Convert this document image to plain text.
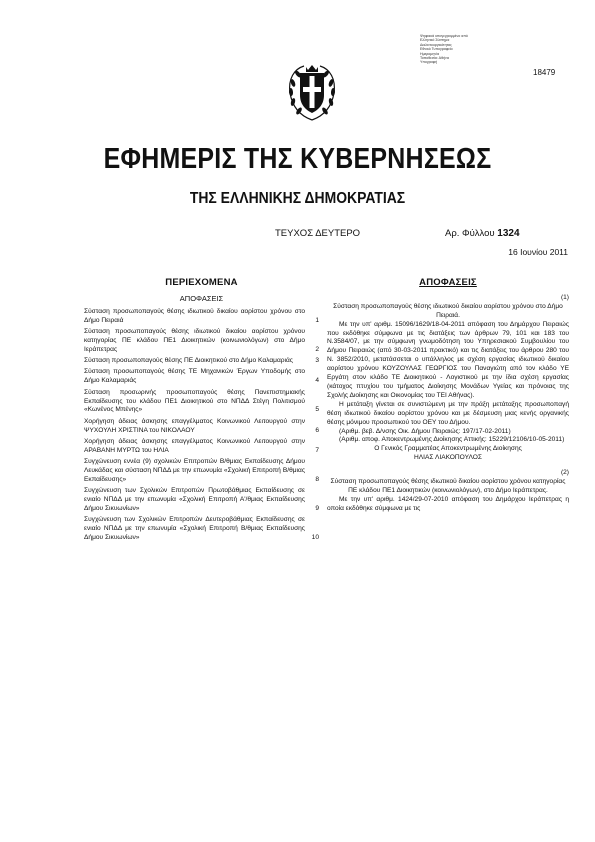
Ψηφιακά υπογεγραμμένο από
Ελληνικό Σύστημα
Διαλειτουργικότητας
Εθνικό Τυπογραφείο
Ημερομηνία
Τοποθεσία: Αθήνα
Υπογραφή
18479
ΕΦΗΜΕΡΙΣ ΤΗΣ ΚΥΒΕΡΝΗΣΕΩΣ
ΤΗΣ ΕΛΛΗΝΙΚΗΣ ΔΗΜΟΚΡΑΤΙΑΣ
ΤΕΥΧΟΣ ΔΕΥΤΕΡΟ	Αρ. Φύλλου 1324
16 Ιουνίου 2011
ΠΕΡΙΕΧΟΜΕΝΑ
ΑΠΟΦΑΣΕΙΣ
Σύσταση προσωποπαγούς θέσης ιδιωτικού δικαίου αορίστου χρόνου στο Δήμο Πειραιά	1
Σύσταση προσωποπαγούς θέσης ιδιωτικού δικαίου αορίστου χρόνου κατηγορίας ΠΕ κλάδου ΠΕ1 Διοικητικών (κοινωνιολόγων) στο Δήμο Ιεράπετρας	2
Σύσταση προσωποπαγούς θέσης ΠΕ Διοικητικού στο Δήμο Καλαμαριάς	3
Σύσταση προσωποπαγούς θέσης ΤΕ Μηχανικών Έργων Υποδομής στο Δήμο Καλαμαριάς	4
Σύσταση προσωρινής προσωποπαγούς θέσης Πανεπιστημιακής Εκπαίδευσης του κλάδου ΠΕ1 Διοικητικού στο ΝΠΔΔ Στέγη Πολιτισμού «Κωνένος Μπένης»	5
Χορήγηση άδειας άσκησης επαγγέλματος Κοινωνικού Λειτουργού στην ΨΥΧΟΥΛΗ ΧΡΙΣΤΙΝΑ του ΝΙΚΟΛΑΟΥ	6
Χορήγηση άδειας άσκησης επαγγέλματος Κοινωνικού Λειτουργού στην ΑΡΑΒΑΝΗ ΜΥΡΤΩ του ΗΛΙΑ	7
Συγχώνευση εννέα (9) σχολικών Επιτροπών Β/θμιας Εκπαίδευσης Δήμου Λευκάδας και σύσταση ΝΠΔΔ με την επωνυμία «Σχολική Επιτροπή Β/θμιας Εκπαίδευσης»	8
Συγχώνευση των Σχολικών Επιτροπών Πρωτοβάθμιας Εκπαίδευσης σε ενιαίο ΝΠΔΔ με την επωνυμία «Σχολική Επιτροπή Α'/θμιας Εκπαίδευσης Δήμου Σικυωνίων»	9
Συγχώνευση των Σχολικών Επιτροπών Δευτεροβάθμιας Εκπαίδευσης σε ενιαίο ΝΠΔΔ με την επωνυμία «Σχολική Επιτροπή Β/θμιας Εκπαίδευσης Δήμου Σικυωνίων»	10
ΑΠΟΦΑΣΕΙΣ
(1)
Σύσταση προσωποπαγούς θέσης ιδιωτικού δικαίου αορίστου χρόνου στο Δήμο Πειραιά.
Με την υπ' αριθμ. 15096/1629/18-04-2011 απόφαση του Δημάρχου Πειραιώς που εκδόθηκε σύμφωνα με τις διατάξεις των άρθρων 79, 101 και 183 του Ν.3584/07, με την σύμφωνη γνωμοδότηση του Υπηρεσιακού Συμβουλίου του Δήμου Πειραιώς (από 30-03-2011 πρακτικό) και τις διατάξεις του άρθρου 280 του Ν. 3852/2010, μετατάσσεται ο υπάλληλος με σχέση εργασίας ιδιωτικού δικαίου αορίστου χρόνου ΚΟΥΖΟΥΛΑΣ ΓΕΩΡΓΙΟΣ του Παναγιώτη από τον κλάδο ΥΕ Εργάτη στον κλάδο ΤΕ Διοικητικού - Λογιστικού με την ίδια σχέση εργασίας (κάτοχος πτυχίου του τμήματος Διοίκησης Μονάδων Υγείας και πρόνοιας της Σχολής Διοίκησης και Οικονομίας του ΤΕΙ Αθήνας).
Η μετάταξη γίνεται σε συνιστώμενη με την πράξη μετάταξης προσωποπαγή θέση ιδιωτικού δικαίου αορίστου χρόνου και με δέσμευση μιας κενής οργανικής θέσης μόνιμου προσωπικού του ΟΕΥ του Δήμου.
(Αριθμ. βεβ. Δ/νσης Οικ. Δήμου Πειραιώς: 197/17-02-2011)
(Αριθμ. αποφ. Αποκεντρωμένης Διοίκησης Αττικής: 15229/12106/10-05-2011)
Ο Γενικός Γραμματέας Αποκεντρωμένης Διοίκησης
ΗΛΙΑΣ ΛΙΑΚΟΠΟΥΛΟΣ
(2)
Σύσταση προσωποπαγούς θέσης ιδιωτικού δικαίου αορίστου χρόνου κατηγορίας ΠΕ κλάδου ΠΕ1 Διοικητικών (κοινωνιολόγων), στο Δήμο Ιεράπετρας.
Με την υπ' αριθμ. 1424/29-07-2010 απόφαση του Δημάρχου Ιεράπετρας η οποία εκδόθηκε σύμφωνα με τις
